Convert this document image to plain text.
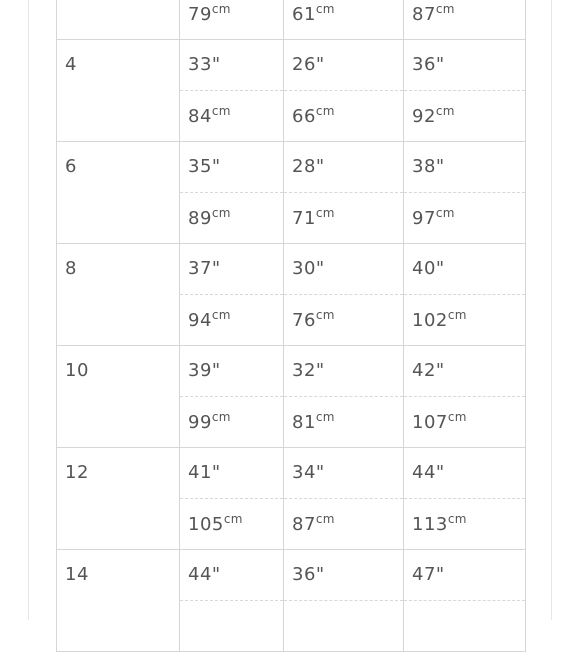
	$79^{cm}$	$61^{cm}$	$87^{cm}$
4	33"	26"	36"
	$84^{cm}$	$66^{cm}$	$92^{cm}$
6	35"	28"	38"
	$89^{cm}$	$71^{cm}$	$97^{cm}$
8	37"	30"	40"
	$94^{cm}$	$76^{cm}$	$102^{cm}$
10	39"	32"	42"
	$99^{cm}$	$81^{cm}$	$107^{cm}$
12	41"	34"	44"
	$105^{cm}$	$87^{cm}$	$113^{cm}$
14	44"	36"	47"
